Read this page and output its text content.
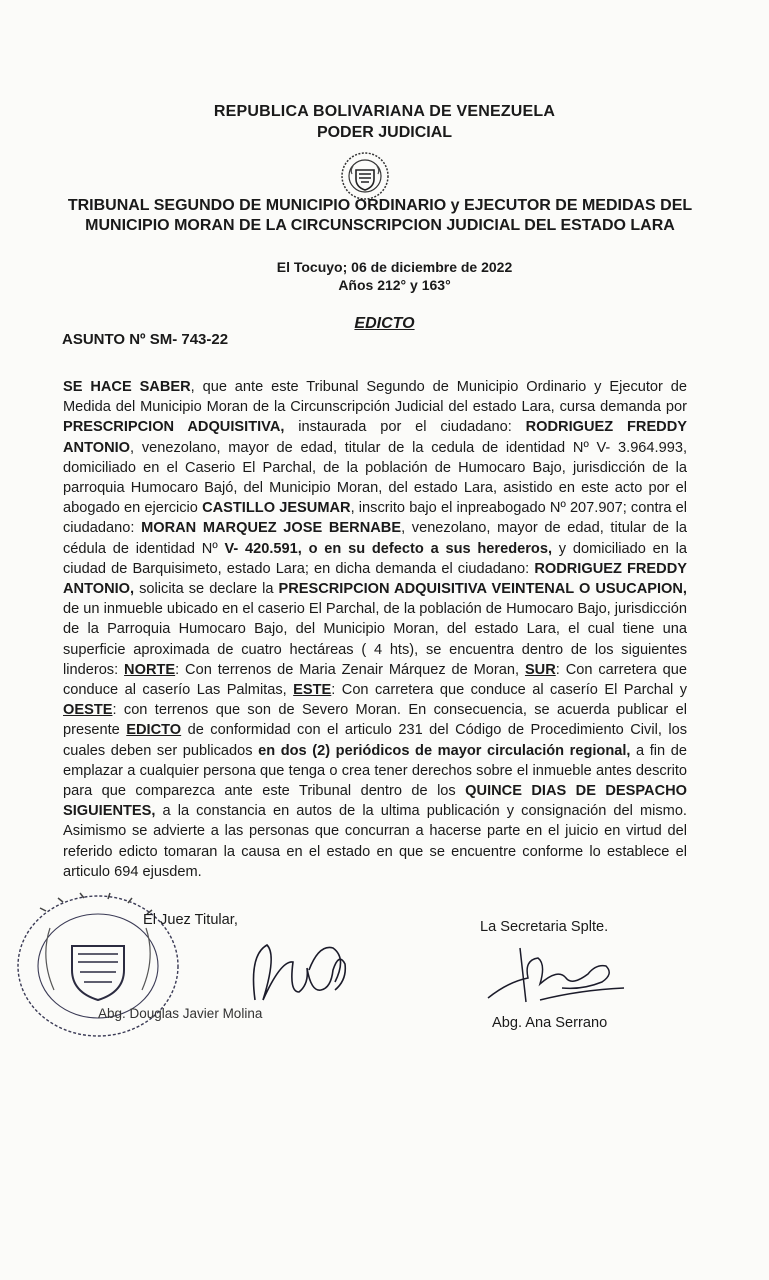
REPUBLICA BOLIVARIANA DE VENEZUELA
PODER JUDICIAL
TRIBUNAL SEGUNDO DE MUNICIPIO ORDINARIO y EJECUTOR DE MEDIDAS DEL MUNICIPIO MORAN DE LA CIRCUNSCRIPCION JUDICIAL DEL ESTADO LARA
El Tocuyo; 06 de diciembre de 2022
Años 212° y 163°
EDICTO
ASUNTO Nº SM- 743-22
SE HACE SABER, que ante este Tribunal Segundo de Municipio Ordinario y Ejecutor de Medida del Municipio Moran de la Circunscripción Judicial del estado Lara, cursa demanda por PRESCRIPCION ADQUISITIVA, instaurada por el ciudadano: RODRIGUEZ FREDDY ANTONIO, venezolano, mayor de edad, titular de la cedula de identidad Nº V- 3.964.993, domiciliado en el Caserio El Parchal, de la población de Humocaro Bajo, jurisdicción de la parroquia Humocaro Bajó, del Municipio Moran, del estado Lara, asistido en este acto por el abogado en ejercicio CASTILLO JESUMAR, inscrito bajo el inpreabogado Nº 207.907; contra el ciudadano: MORAN MARQUEZ JOSE BERNABE, venezolano, mayor de edad, titular de la cédula de identidad Nº V- 420.591, o en su defecto a sus herederos, y domiciliado en la ciudad de Barquisimeto, estado Lara; en dicha demanda el ciudadano: RODRIGUEZ FREDDY ANTONIO, solicita se declare la PRESCRIPCION ADQUISITIVA VEINTENAL O USUCAPION, de un inmueble ubicado en el caserio El Parchal, de la población de Humocaro Bajo, jurisdicción de la Parroquia Humocaro Bajo, del Municipio Moran, del estado Lara, el cual tiene una superficie aproximada de cuatro hectáreas ( 4 hts), se encuentra dentro de los siguientes linderos: NORTE: Con terrenos de Maria Zenair Márquez de Moran, SUR: Con carretera que conduce al caserío Las Palmitas, ESTE: Con carretera que conduce al caserío El Parchal y OESTE: con terrenos que son de Severo Moran. En consecuencia, se acuerda publicar el presente EDICTO de conformidad con el articulo 231 del Código de Procedimiento Civil, los cuales deben ser publicados en dos (2) periódicos de mayor circulación regional, a fin de emplazar a cualquier persona que tenga o crea tener derechos sobre el inmueble antes descrito para que comparezca ante este Tribunal dentro de los QUINCE DIAS DE DESPACHO SIGUIENTES, a la constancia en autos de la ultima publicación y consignación del mismo. Asimismo se advierte a las personas que concurran a hacerse parte en el juicio en virtud del referido edicto tomaran la causa en el estado en que se encuentre conforme lo establece el articulo 694 ejusdem.
El Juez Titular,	La Secretaria Splte.
Abg. Douglas Javier Molina
Abg. Ana Serrano
